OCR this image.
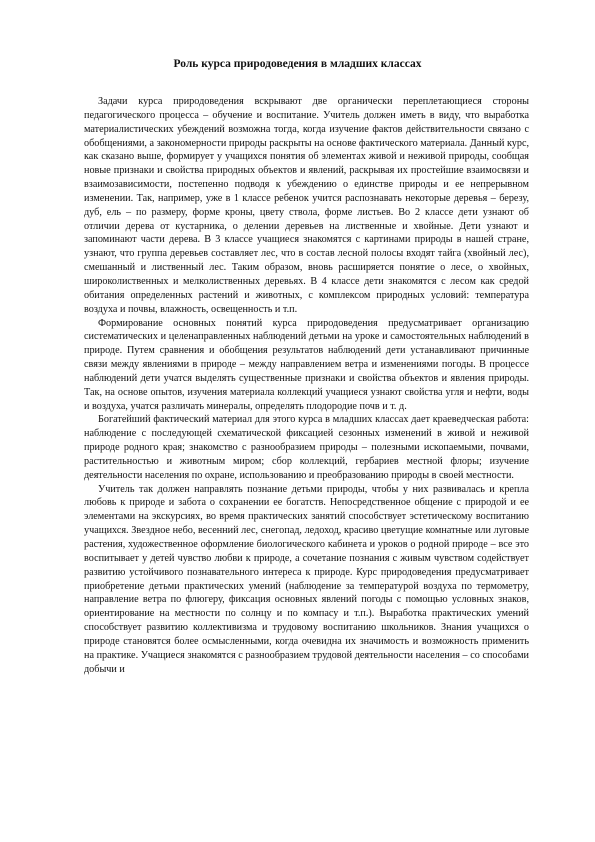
Роль курса природоведения в младших классах

Задачи курса природоведения вскрывают две органически переплетающиеся стороны педагогического процесса – обучение и воспитание. Учитель должен иметь в виду, что выработка материалистических убеждений возможна тогда, когда изучение фактов действительности связано с обобщениями, а закономерности природы раскрыты на основе фактического материала. Данный курс, как сказано выше, формирует у учащихся понятия об элементах живой и неживой природы, сообщая новые признаки и свойства природных объектов и явлений, раскрывая их простейшие взаимосвязи и взаимозависимости, постепенно подводя к убеждению о единстве природы и ее непрерывном изменении. Так, например, уже в 1 классе ребенок учится распознавать некоторые деревья – березу, дуб, ель – по размеру, форме кроны, цвету ствола, форме листьев. Во 2 классе дети узнают об отличии дерева от кустарника, о делении деревьев на лиственные и хвойные. Дети узнают и запоминают части дерева. В 3 классе учащиеся знакомятся с картинами природы в нашей стране, узнают, что группа деревьев составляет лес, что в состав лесной полосы входят тайга (хвойный лес), смешанный и лиственный лес. Таким образом, вновь расширяется понятие о лесе, о хвойных, широколиственных и мелколиственных деревьях. В 4 классе дети знакомятся с лесом как средой обитания определенных растений и животных, с комплексом природных условий: температура воздуха и почвы, влажность, освещенность и т.п.

Формирование основных понятий курса природоведения предусматривает организацию систематических и целенаправленных наблюдений детьми на уроке и самостоятельных наблюдений в природе. Путем сравнения и обобщения результатов наблюдений дети устанавливают причинные связи между явлениями в природе – между направлением ветра и изменениями погоды. В процессе наблюдений дети учатся выделять существенные признаки и свойства объектов и явления природы. Так, на основе опытов, изучения материала коллекций учащиеся узнают свойства угля и нефти, воды и воздуха, учатся различать минералы, определять плодородие почв и т. д.

Богатейший фактический материал для этого курса в младших классах дает краеведческая работа: наблюдение с последующей схематической фиксацией сезонных изменений в живой и неживой природе родного края; знакомство с разнообразием природы – полезными ископаемыми, почвами, растительностью и животным миром; сбор коллекций, гербариев местной флоры; изучение деятельности населения по охране, использованию и преобразованию природы в своей местности.

Учитель так должен направлять познание детьми природы, чтобы у них развивалась и крепла любовь к природе и забота о сохранении ее богатств. Непосредственное общение с природой и ее элементами на экскурсиях, во время практических занятий способствует эстетическому воспитанию учащихся. Звездное небо, весенний лес, снегопад, ледоход, красиво цветущие комнатные или луговые растения, художественное оформление биологического кабинета и уроков о родной природе – все это воспитывает у детей чувство любви к природе, а сочетание познания с живым чувством содействует развитию устойчивого познавательного интереса к природе. Курс природоведения предусматривает приобретение детьми практических умений (наблюдение за температурой воздуха по термометру, направление ветра по флюгеру, фиксация основных явлений погоды с помощью условных знаков, ориентирование на местности по солнцу и по компасу и т.п.). Выработка практических умений способствует развитию коллективизма и трудовому воспитанию школьников. Знания учащихся о природе становятся более осмысленными, когда очевидна их значимость и возможность применить на практике. Учащиеся знакомятся с разнообразием трудовой деятельности населения – со способами добычи и
